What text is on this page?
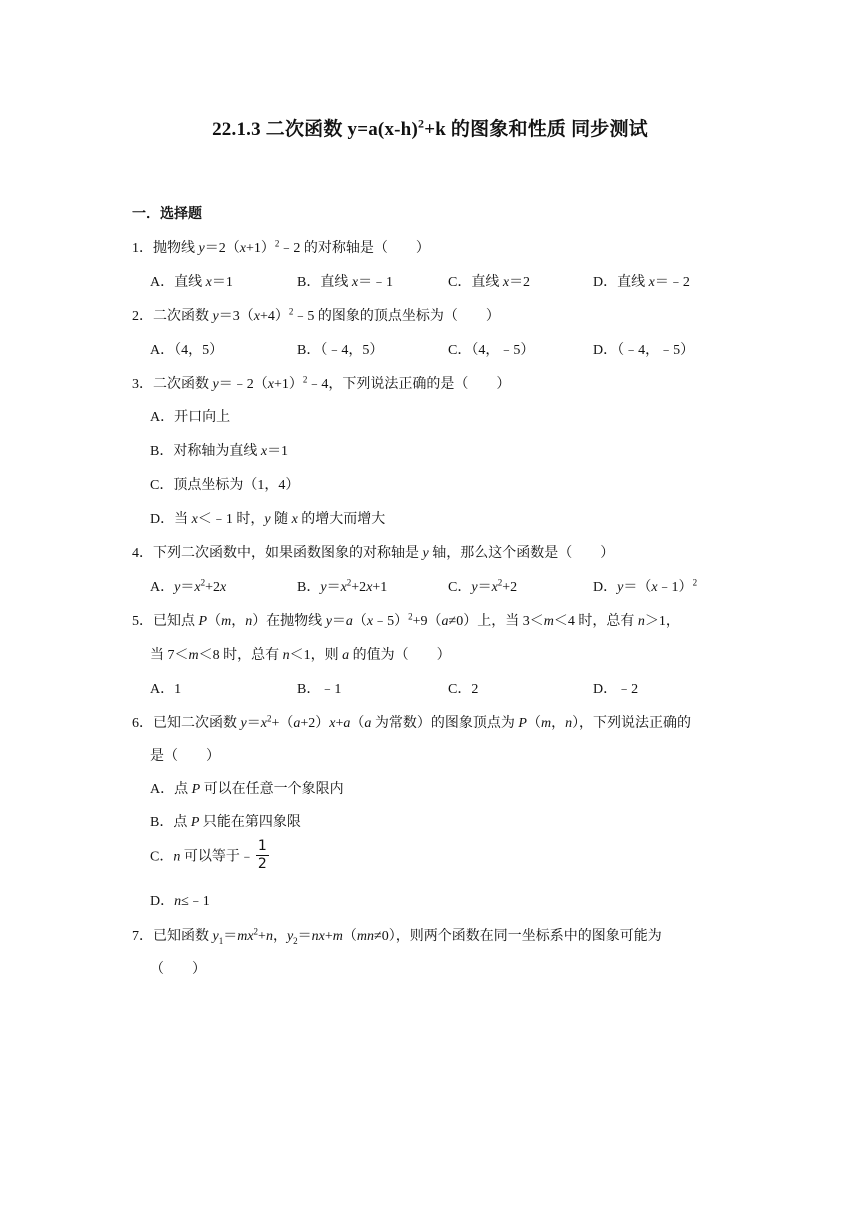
22.1.3 二次函数 $y=a(x-h)^2+k$ 的图象和性质 同步测试
一．选择题
1．抛物线 $y=2(x+1)^2﹣2$ 的对称轴是（　　）
A．直线 x＝1	B．直线 x＝﹣1	C．直线 x＝2	D．直线 x＝﹣2
2．二次函数 $y=3(x+4)^2﹣5$ 的图象的顶点坐标为（　　）
A．（4，5）	B．（﹣4，5）	C．（4，﹣5）	D．（﹣4，﹣5）
3．二次函数 $y=﹣2(x+1)^2﹣4$，下列说法正确的是（　　）
A．开口向上
B．对称轴为直线 x＝1
C．顶点坐标为（1，4）
D．当 x＜﹣1 时，y 随 x 的增大而增大
4．下列二次函数中，如果函数图象的对称轴是 y 轴，那么这个函数是（　　）
A．$y=x^2+2x$	B．$y=x^2+2x+1$	C．$y=x^2+2$	D．y＝（x﹣1）$^2$
5．已知点 P（m，n）在抛物线 y＝a（x﹣5）$^2$+9（a≠0）上，当 3＜m＜4 时，总有 n＞1，
当 7＜m＜8 时，总有 n＜1，则 a 的值为（　　）
A．1	B．﹣1	C．2	D．﹣2
6．已知二次函数 $y=x^2+(a+2)x+a(a$ 为常数）的图象顶点为 P（m，n），下列说法正确的
是（　　）
A．点 P 可以在任意一个象限内
B．点 P 只能在第四象限
C．n 可以等于﹣ $\frac{1}{2}$
D．n≤﹣1
7．已知函数 $y_1=mx^2+n$，$y_2=nx+m(mn\ne 0)$，则两个函数在同一坐标系中的图象可能为
（　　）
